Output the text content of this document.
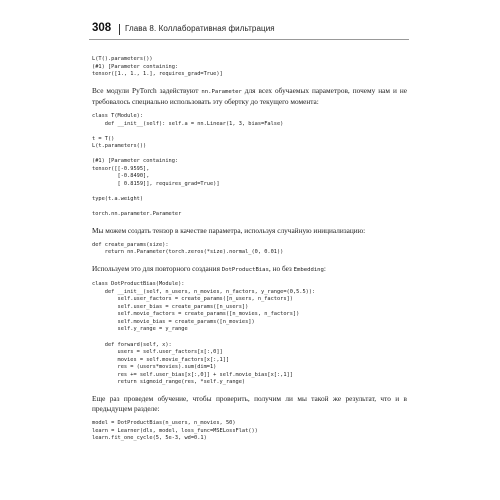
308 Глава 8. Коллаборативная фильтрация
L(T().parameters())
(#1) [Parameter containing:
tensor([1., 1., 1.], requires_grad=True)]

Все модули PyTorch задействуют nn.Parameter для всех обучаемых параметров, почему нам и не требовалось специально использовать эту обертку до текущего момента:

class T(Module):
def __init__(self): self.a = nn.Linear(1, 3, bias=False)
t = T()
L(t.parameters())
(#1) [Parameter containing:
tensor([[-0.9595],
[-0.8490],
[ 0.8159]], requires_grad=True)]
type(t.a.weight)
torch.nn.parameter.Parameter

Мы можем создать тензор в качестве параметра, используя случайную инициализацию:

def create_params(size):
return nn.Parameter(torch.zeros(*size).normal_(0, 0.01))

Используем это для повторного создания DotProductBias, но без Embedding:

class DotProductBias(Module):
def __init__(self, n_users, n_movies, n_factors, y_range=(0,5.5)):
self.user_factors = create_params([n_users, n_factors])
self.user_bias = create_params([n_users])
self.movie_factors = create_params([n_movies, n_factors])
self.movie_bias = create_params([n_movies])
self.y_range = y_range
def forward(self, x):
users = self.user_factors[x[:,0]]
movies = self.movie_factors[x[:,1]]
res = (users*movies).sum(dim=1)
res += self.user_bias[x[:,0]] + self.movie_bias[x[:,1]]
return sigmoid_range(res, *self.y_range)

Еще раз проведем обучение, чтобы проверить, получим ли мы такой же результат, что и в предыдущем разделе:

model = DotProductBias(n_users, n_movies, 50)
learn = Learner(dls, model, loss_func=MSELossFlat())
learn.fit_one_cycle(5, 5e-3, wd=0.1)
